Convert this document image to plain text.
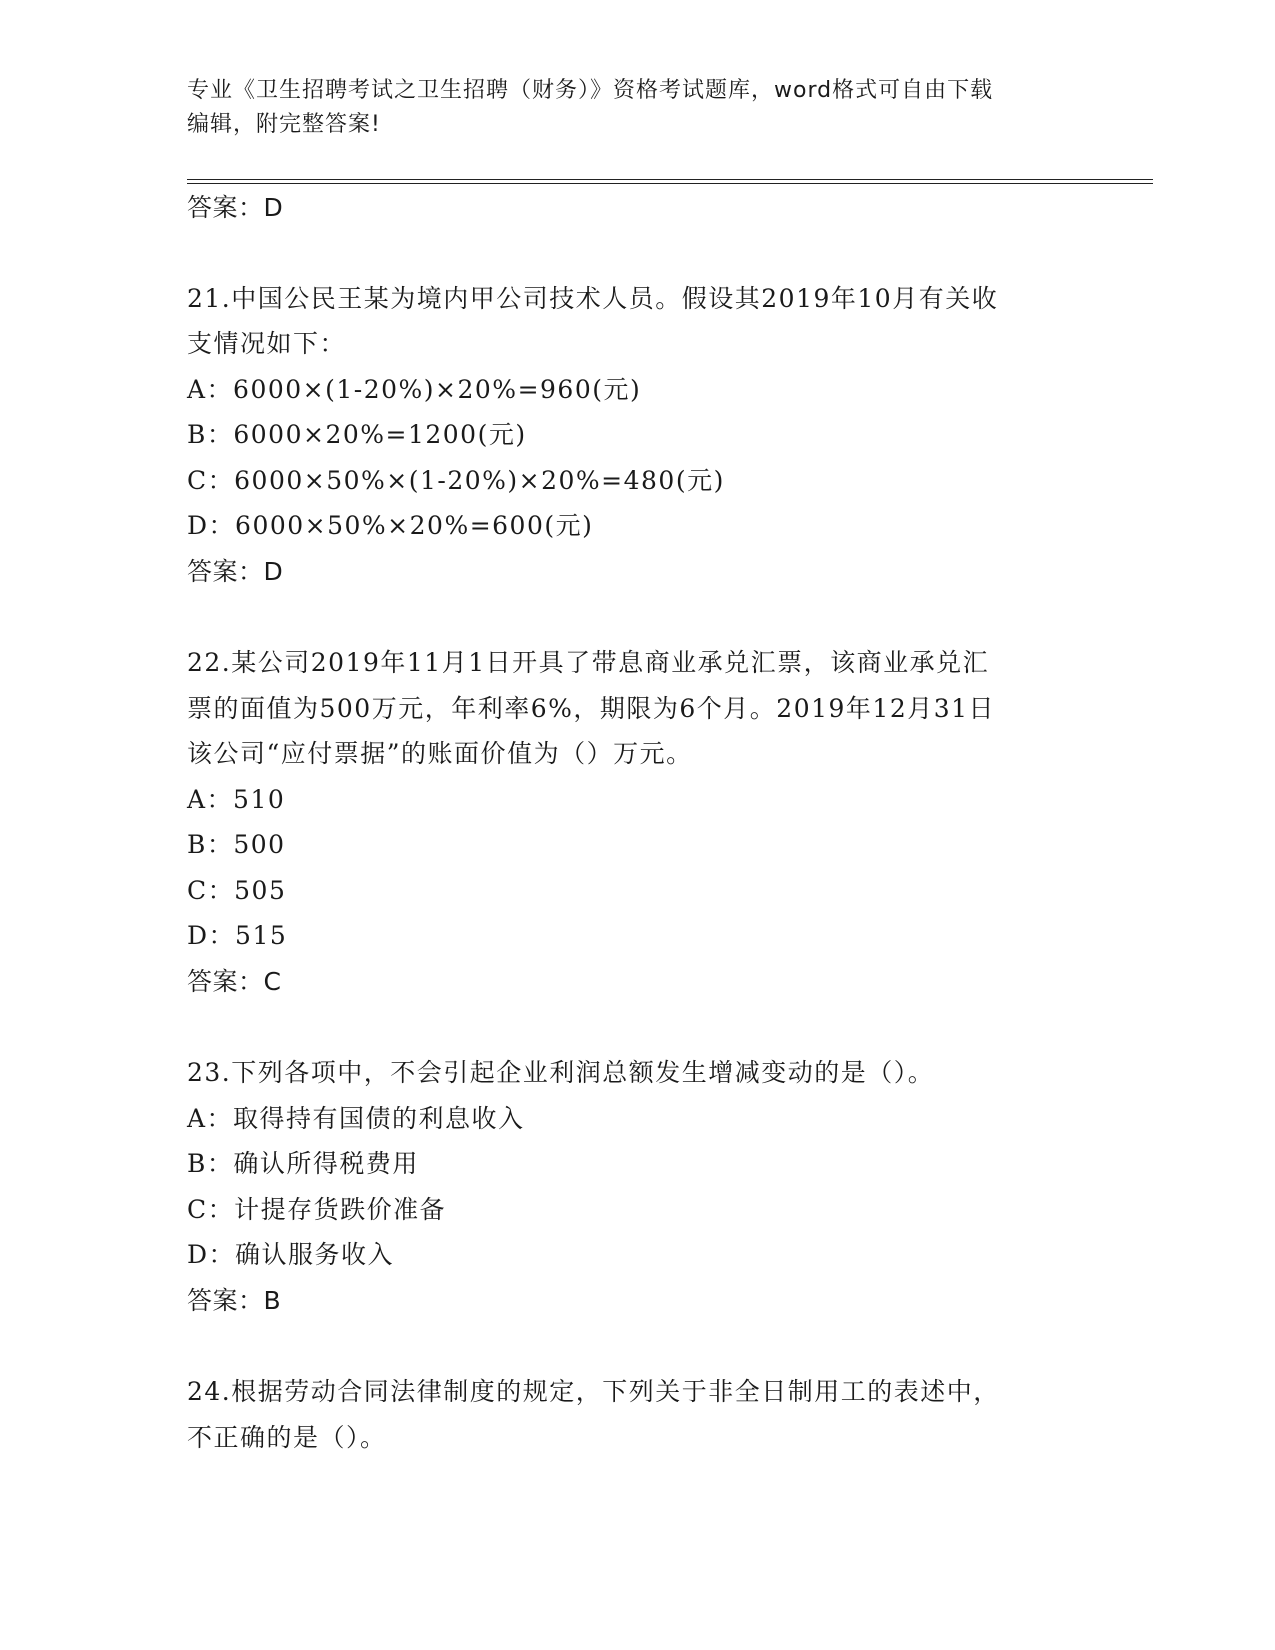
专业《卫生招聘考试之卫生招聘（财务）》资格考试题库，word格式可自由下载
编辑，附完整答案!
答案：D
21.中国公民王某为境内甲公司技术人员。假设其2019年10月有关收
支情况如下：
A：6000×(1-20%)×20%=960(元)
B：6000×20%=1200(元)
C：6000×50%×(1-20%)×20%=480(元)
D：6000×50%×20%=600(元)
答案：D
22.某公司2019年11月1日开具了带息商业承兑汇票，该商业承兑汇
票的面值为500万元，年利率6%，期限为6个月。2019年12月31日
该公司“应付票据”的账面价值为（）万元。
A：510
B：500
C：505
D：515
答案：C
23.下列各项中，不会引起企业利润总额发生增减变动的是（）。
A：取得持有国债的利息收入
B：确认所得税费用
C：计提存货跌价准备
D：确认服务收入
答案：B
24.根据劳动合同法律制度的规定，下列关于非全日制用工的表述中，
不正确的是（）。
